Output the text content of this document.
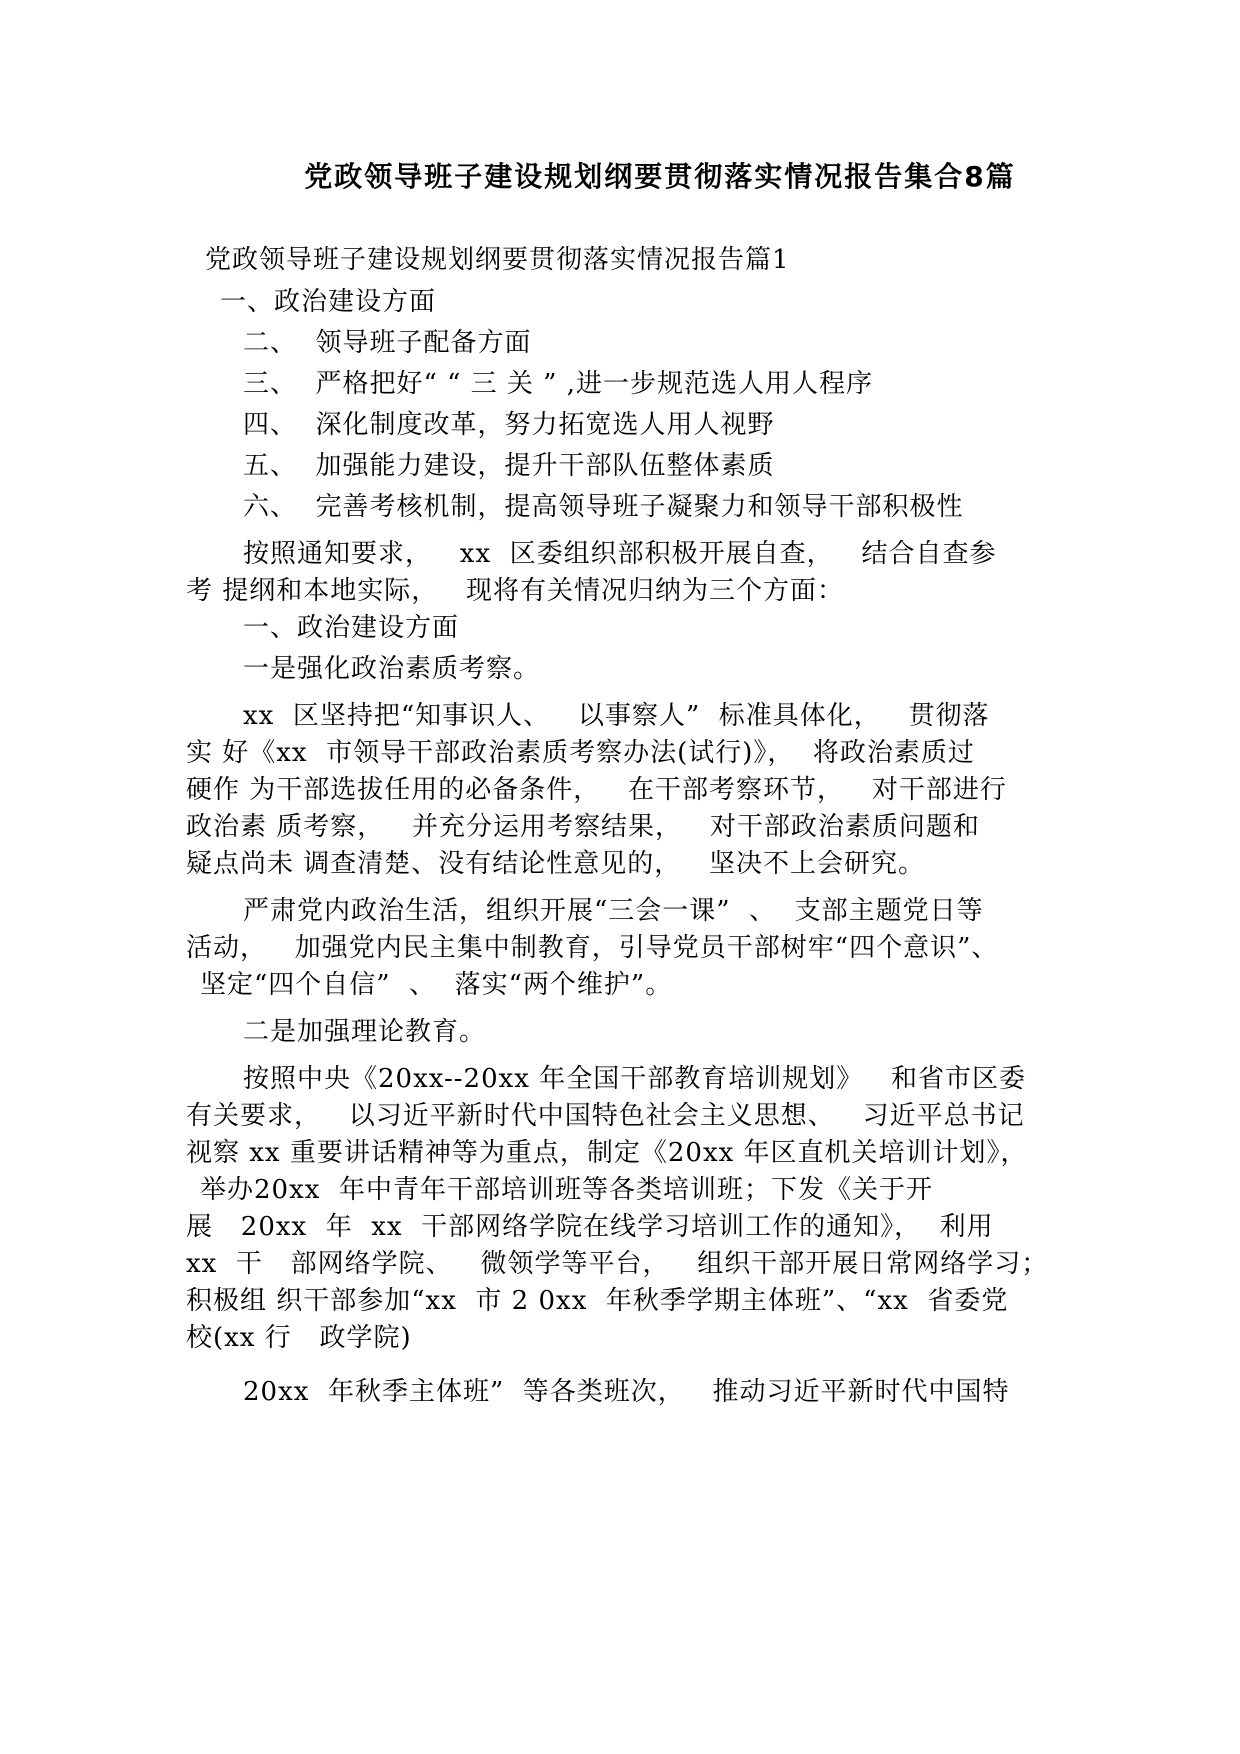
党政领导班子建设规划纲要贯彻落实情况报告集合8篇
党政领导班子建设规划纲要贯彻落实情况报告篇1
一、政治建设方面
二、  领导班子配备方面
三、  严格把好“ “ 三 关 ” ,进一步规范选人用人程序
四、  深化制度改革，努力拓宽选人用人视野
五、  加强能力建设，提升干部队伍整体素质
六、  完善考核机制，提高领导班子凝聚力和领导干部积极性
按照通知要求，   xx  区委组织部积极开展自查，   结合自查参
考 提纲和本地实际，   现将有关情况归纳为三个方面：
一、政治建设方面
一是强化政治素质考察。
xx  区坚持把“知事识人、   以事察人”  标准具体化，   贯彻落
实 好《xx  市领导干部政治素质考察办法(试行)》，  将政治素质过
硬作 为干部选拔任用的必备条件，   在干部考察环节，   对干部进行
政治素 质考察，   并充分运用考察结果，   对干部政治素质问题和
疑点尚未 调查清楚、没有结论性意见的，   坚决不上会研究。
严肃党内政治生活，组织开展“三会一课”  、  支部主题党日等
活动，   加强党内民主集中制教育，引导党员干部树牢“四个意识”、
坚定“四个自信”  、  落实“两个维护”。
二是加强理论教育。
按照中央《20xx--20xx 年全国干部教育培训规划》   和省市区委
有关要求，   以习近平新时代中国特色社会主义思想、   习近平总书记
视察 xx 重要讲话精神等为重点，制定《20xx 年区直机关培训计划》，
举办20xx  年中青年干部培训班等各类培训班；下发《关于开
展   20xx  年  xx  干部网络学院在线学习培训工作的通知》，  利用
xx  干   部网络学院、   微领学等平台，   组织干部开展日常网络学习；
积极组 织干部参加“xx  市 2 0xx  年秋季学期主体班”、“xx  省委党
校(xx 行   政学院)
20xx  年秋季主体班”  等各类班次，   推动习近平新时代中国特
